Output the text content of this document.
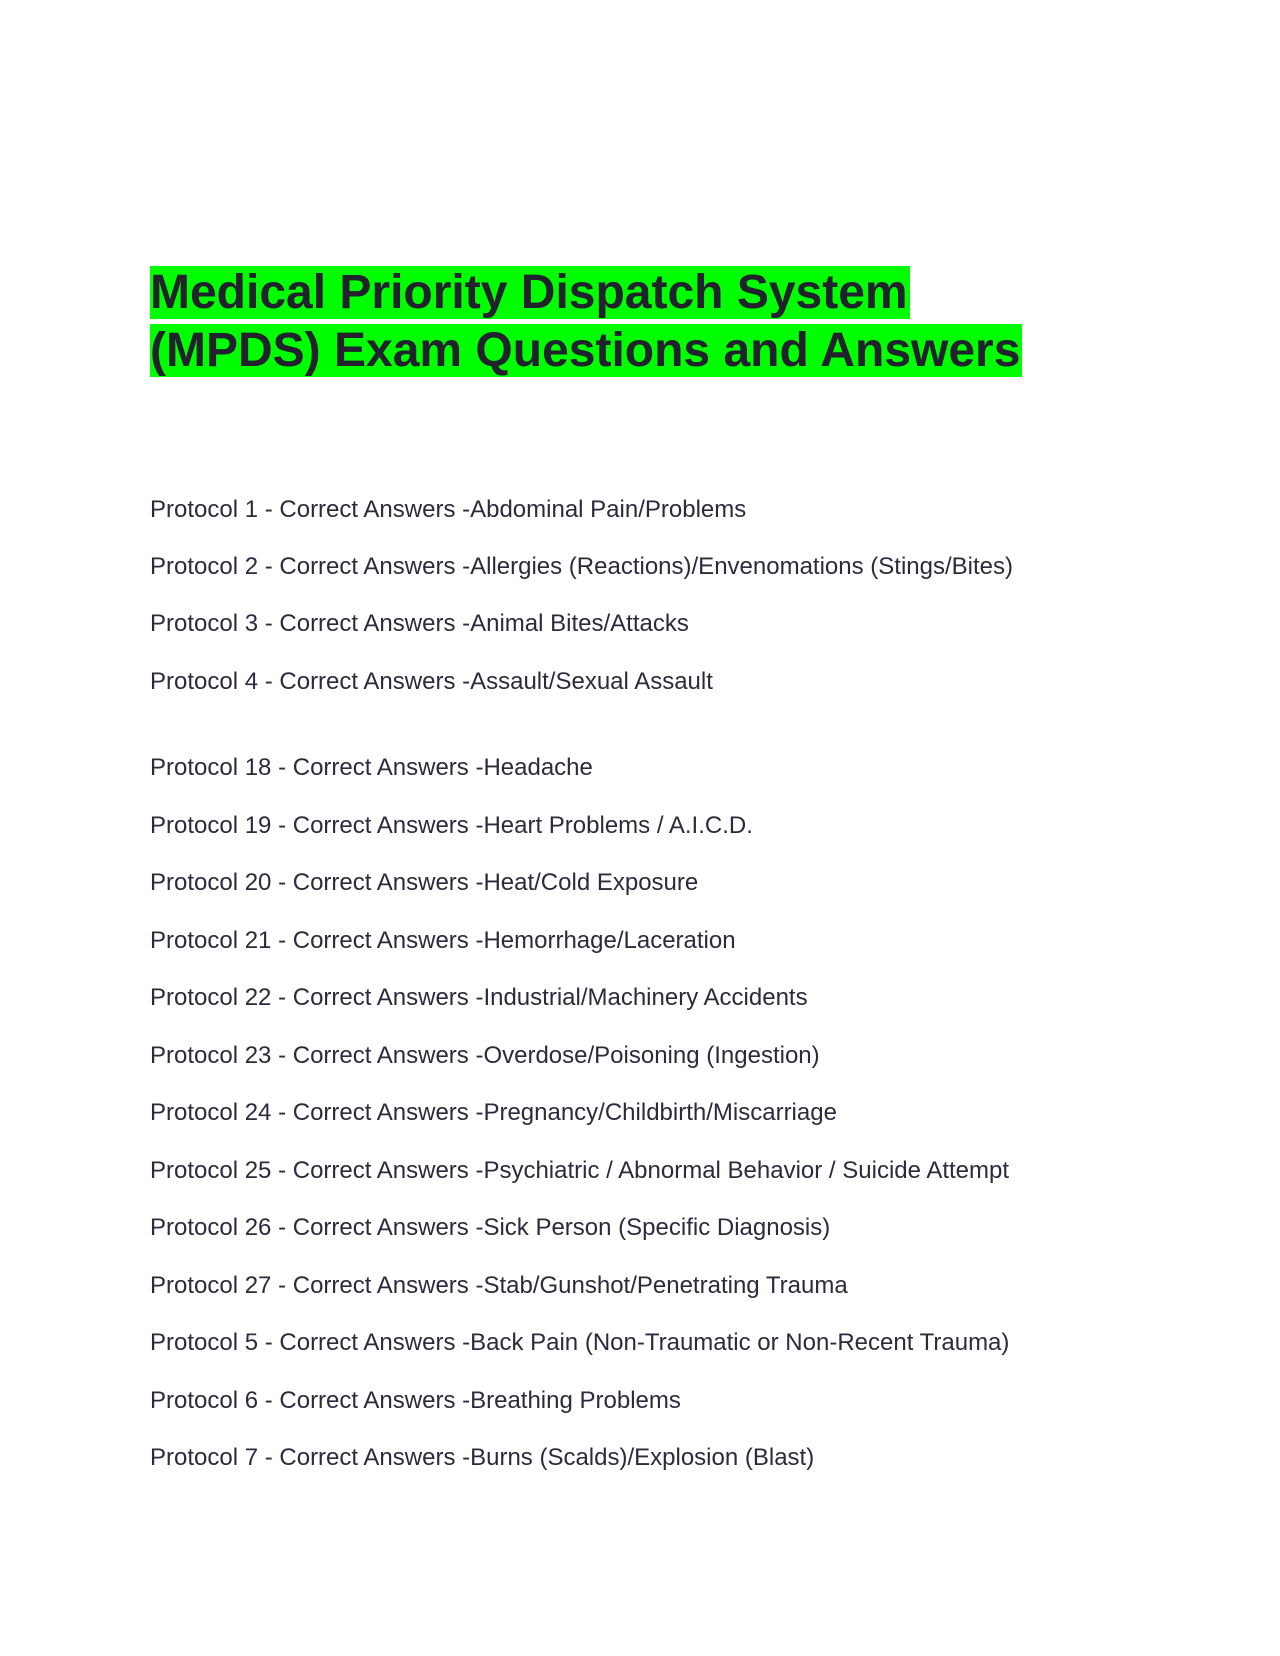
Medical Priority Dispatch System
(MPDS) Exam Questions and Answers
Protocol 1 - Correct Answers -Abdominal Pain/Problems
Protocol 2 - Correct Answers -Allergies (Reactions)/Envenomations (Stings/Bites)
Protocol 3 - Correct Answers -Animal Bites/Attacks
Protocol 4 - Correct Answers -Assault/Sexual Assault
Protocol 18 - Correct Answers -Headache
Protocol 19 - Correct Answers -Heart Problems / A.I.C.D.
Protocol 20 - Correct Answers -Heat/Cold Exposure
Protocol 21 - Correct Answers -Hemorrhage/Laceration
Protocol 22 - Correct Answers -Industrial/Machinery Accidents
Protocol 23 - Correct Answers -Overdose/Poisoning (Ingestion)
Protocol 24 - Correct Answers -Pregnancy/Childbirth/Miscarriage
Protocol 25 - Correct Answers -Psychiatric / Abnormal Behavior / Suicide Attempt
Protocol 26 - Correct Answers -Sick Person (Specific Diagnosis)
Protocol 27 - Correct Answers -Stab/Gunshot/Penetrating Trauma
Protocol 5 - Correct Answers -Back Pain (Non-Traumatic or Non-Recent Trauma)
Protocol 6 - Correct Answers -Breathing Problems
Protocol 7 - Correct Answers -Burns (Scalds)/Explosion (Blast)
